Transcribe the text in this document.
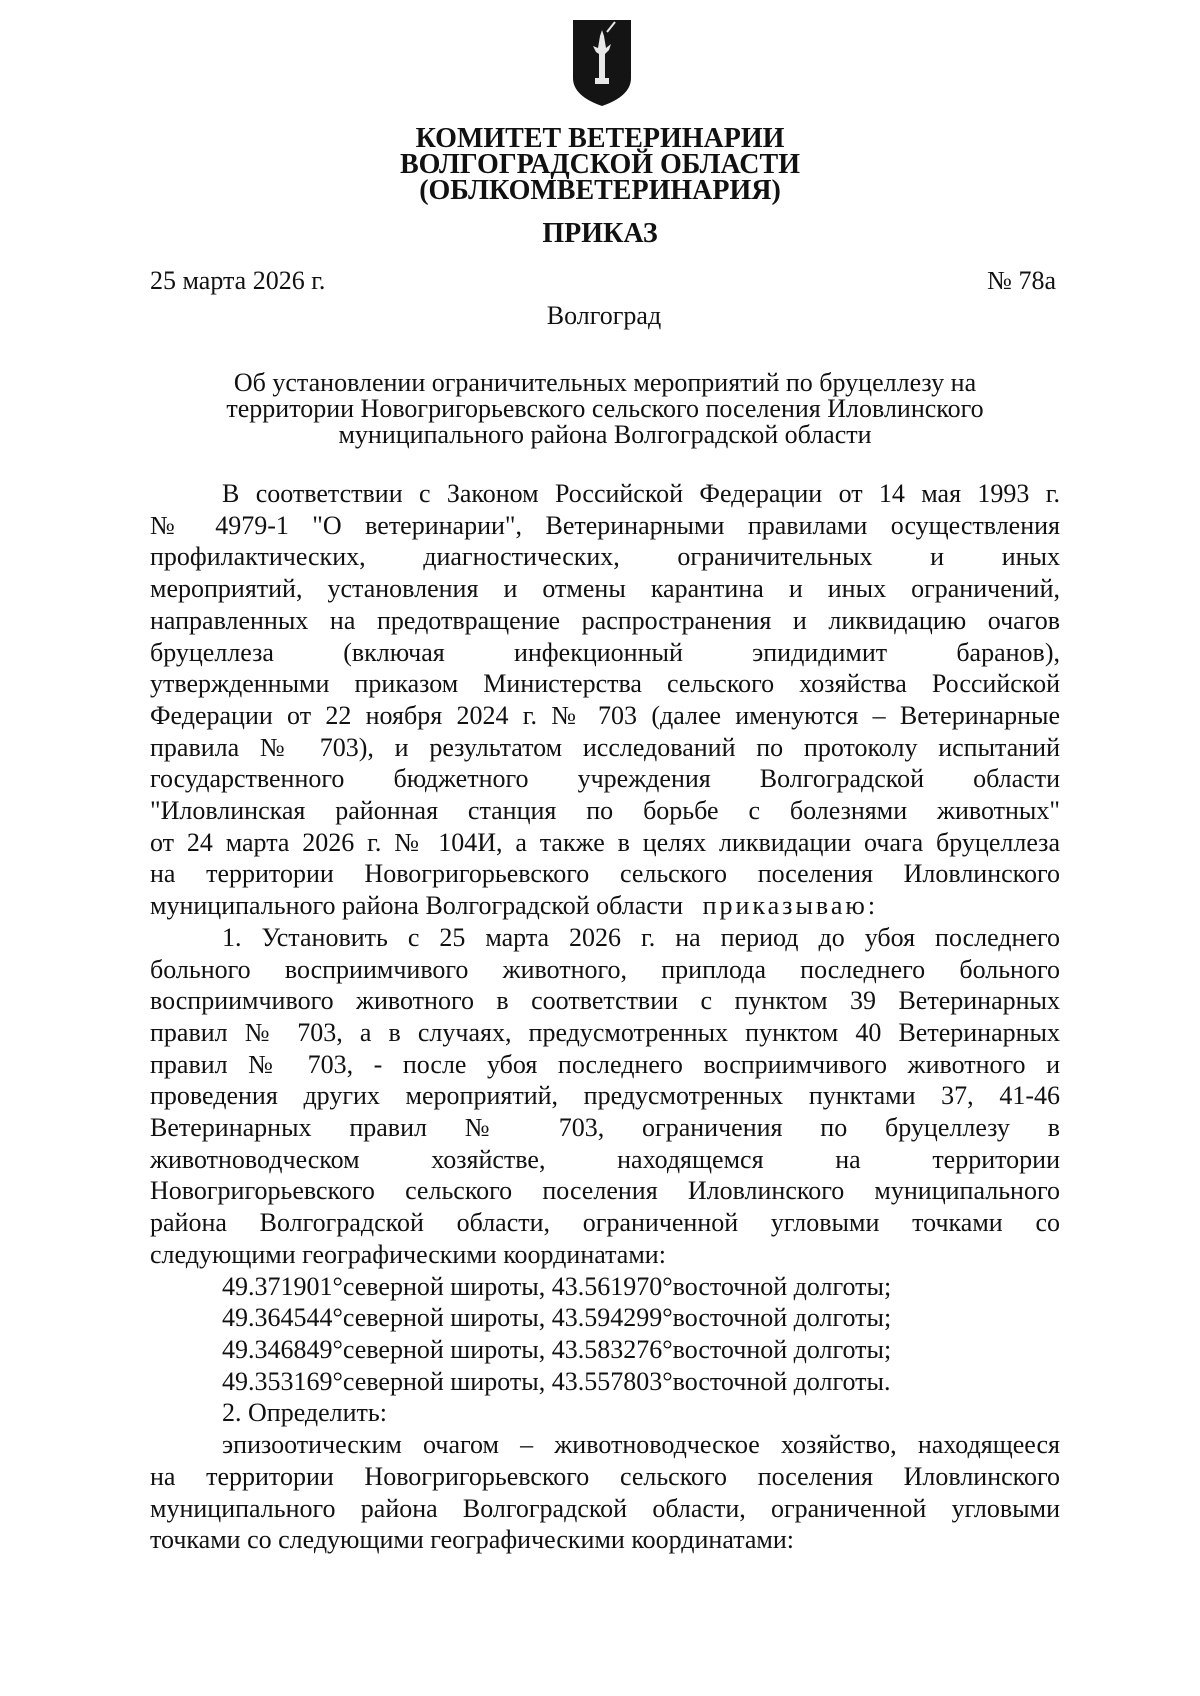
КОМИТЕТ ВЕТЕРИНАРИИ
ВОЛГОГРАДСКОЙ ОБЛАСТИ
(ОБЛКОМВЕТЕРИНАРИЯ)
ПРИКАЗ
25 марта 2026 г.	№ 78а
Волгоград
Об установлении ограничительных мероприятий по бруцеллезу на
территории Новогригорьевского сельского поселения Иловлинского
муниципального района Волгоградской области

В соответствии с Законом Российской Федерации от 14 мая 1993 г.

№ 4979-1 "О ветеринарии", Ветеринарными правилами осуществления

профилактических, диагностических, ограничительных и иных

мероприятий, установления и отмены карантина и иных ограничений,

направленных на предотвращение распространения и ликвидацию очагов

бруцеллеза (включая инфекционный эпидидимит баранов),

утвержденными приказом Министерства сельского хозяйства Российской

Федерации от 22 ноября 2024 г. № 703 (далее именуются – Ветеринарные

правила № 703), и результатом исследований по протоколу испытаний

государственного бюджетного учреждения Волгоградской области

"Иловлинская районная станция по борьбе с болезнями животных"

от 24 марта 2026 г. № 104И, а также в целях ликвидации очага бруцеллеза

на территории Новогригорьевского сельского поселения Иловлинского

муниципального района Волгоградской области приказываю:

1. Установить с 25 марта 2026 г. на период до убоя последнего

больного восприимчивого животного, приплода последнего больного

восприимчивого животного в соответствии с пунктом 39 Ветеринарных

правил № 703, а в случаях, предусмотренных пунктом 40 Ветеринарных

правил № 703, - после убоя последнего восприимчивого животного и

проведения других мероприятий, предусмотренных пунктами 37, 41-46

Ветеринарных правил № 703, ограничения по бруцеллезу в

животноводческом хозяйстве, находящемся на территории

Новогригорьевского сельского поселения Иловлинского муниципального

района Волгоградской области, ограниченной угловыми точками со

следующими географическими координатами:

49.371901°северной широты, 43.561970°восточной долготы;

49.364544°северной широты, 43.594299°восточной долготы;

49.346849°северной широты, 43.583276°восточной долготы;

49.353169°северной широты, 43.557803°восточной долготы.

2. Определить:

эпизоотическим очагом – животноводческое хозяйство, находящееся

на территории Новогригорьевского сельского поселения Иловлинского

муниципального района Волгоградской области, ограниченной угловыми

точками со следующими географическими координатами:
